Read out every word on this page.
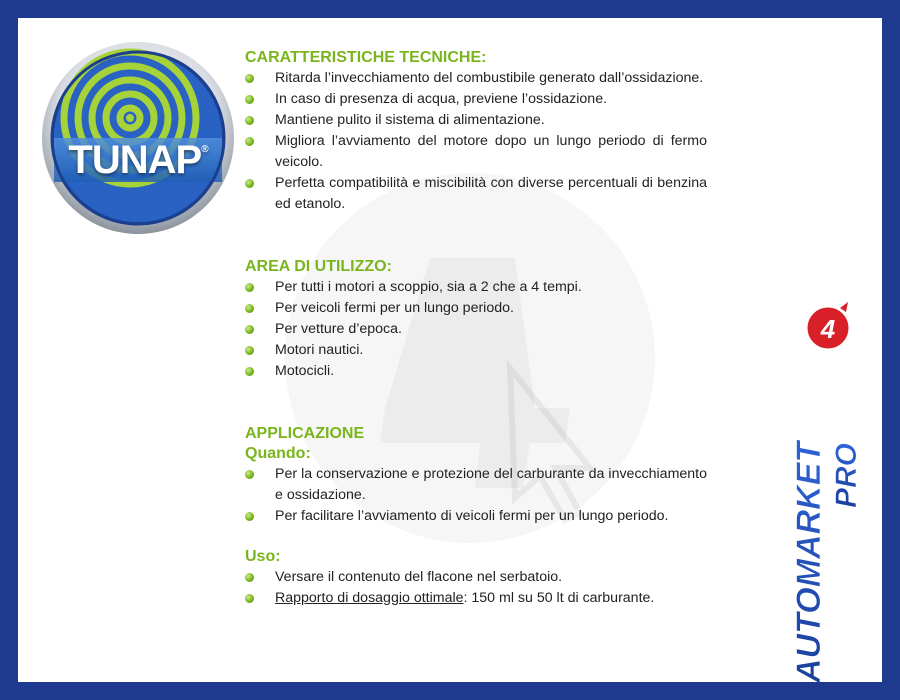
TUNAP®
CARATTERISTICHE TECNICHE:
Ritarda l’invecchiamento del combustibile generato dall’ossidazione.
In caso di presenza di acqua, previene l’ossidazione.
Mantiene pulito il sistema di alimentazione.
Migliora l’avviamento del motore dopo un lungo periodo di fermo veicolo.
Perfetta compatibilità e miscibilità con diverse percentuali di benzina ed etanolo.
AREA DI UTILIZZO:
Per tutti i motori a scoppio, sia a 2 che a 4 tempi.
Per veicoli fermi per un lungo periodo.
Per vetture d’epoca.
Motori nautici.
Motocicli.
APPLICAZIONE
Quando:
Per la conservazione e protezione del carburante da invecchiamento e ossidazione.
Per facilitare l’avviamento di veicoli fermi per un lungo periodo.
Uso:
Versare il contenuto del flacone nel serbatoio.
Rapporto di dosaggio ottimale: 150 ml su 50 lt di carburante.
4
AUTOMARKET PRO
